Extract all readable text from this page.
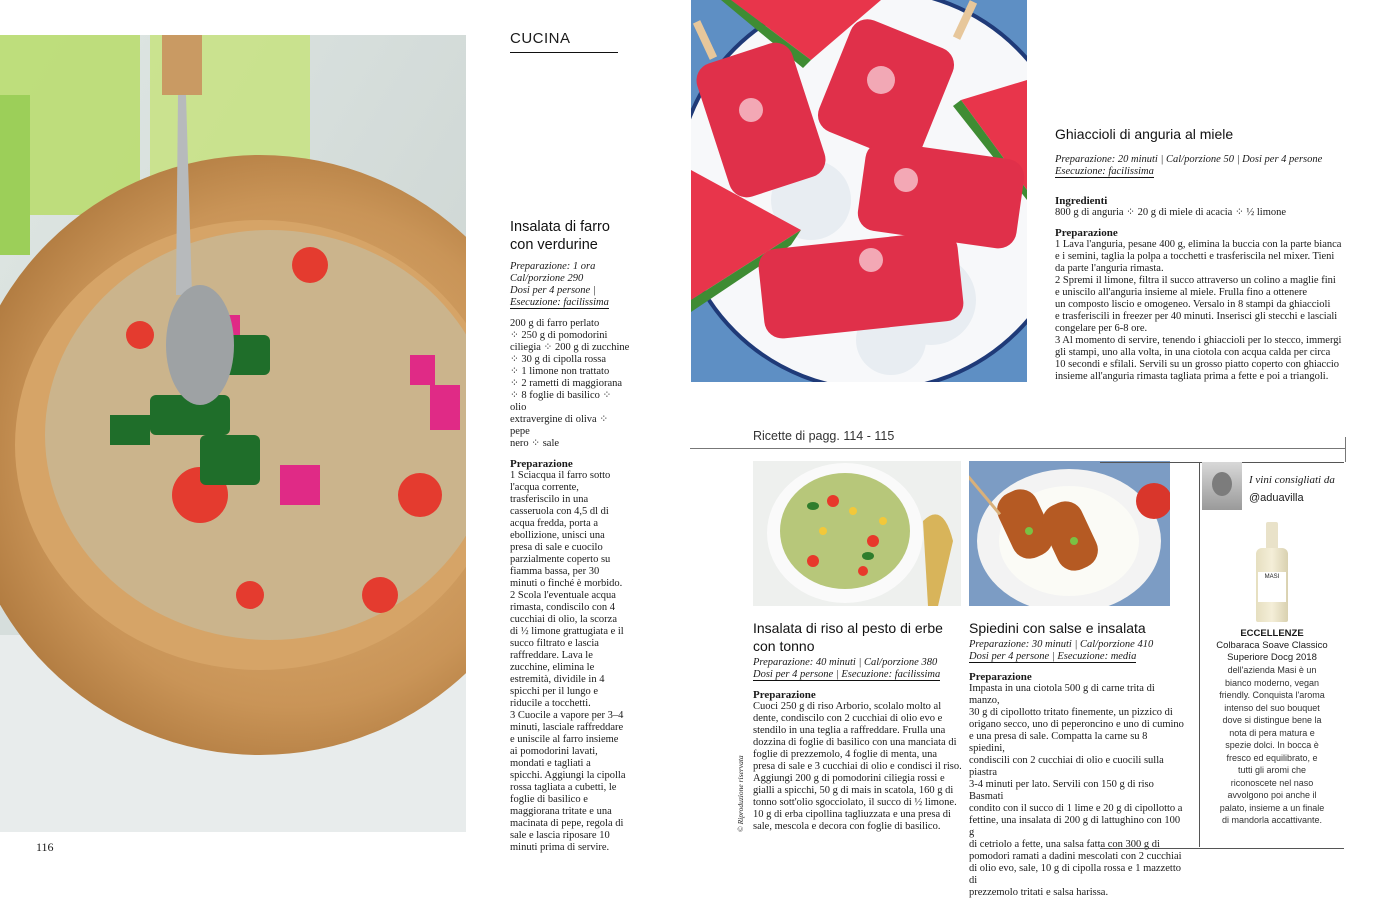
CUCINA
Insalata di farro
con verdurine
Preparazione: 1 ora
Cal/porzione 290
Dosi per 4 persone |
Esecuzione: facilissima
200 g di farro perlato
⁘ 250 g di pomodorini
ciliegia ⁘ 200 g di zucchine
⁘ 30 g di cipolla rossa
⁘ 1 limone non trattato
⁘ 2 rametti di maggiorana
⁘ 8 foglie di basilico ⁘ olio
extravergine di oliva ⁘ pepe
nero ⁘ sale
Preparazione
1 Sciacqua il farro sotto
l'acqua corrente,
trasferiscilo in una
casseruola con 4,5 dl di
acqua fredda, porta a
ebollizione, unisci una
presa di sale e cuocilo
parzialmente coperto su
fiamma bassa, per 30
minuti o finché è morbido.
2 Scola l'eventuale acqua
rimasta, condiscilo con 4
cucchiai di olio, la scorza
di ½ limone grattugiata e il
succo filtrato e lascia
raffreddare. Lava le
zucchine, elimina le
estremità, dividile in 4
spicchi per il lungo e
riducile a tocchetti.
3 Cuocile a vapore per 3–4
minuti, lasciale raffreddare
e uniscile al farro insieme
ai pomodorini lavati,
mondati e tagliati a
spicchi. Aggiungi la cipolla
rossa tagliata a cubetti, le
foglie di basilico e
maggiorana tritate e una
macinata di pepe, regola di
sale e lascia riposare 10
minuti prima di servire.
116
Ghiaccioli di anguria al miele
Preparazione: 20 minuti | Cal/porzione 50 | Dosi per 4 persone
Esecuzione: facilissima
Ingredienti
800 g di anguria ⁘ 20 g di miele di acacia ⁘ ½ limone
Preparazione
1 Lava l'anguria, pesane 400 g, elimina la buccia con la parte bianca
e i semini, taglia la polpa a tocchetti e trasferiscila nel mixer. Tieni
da parte l'anguria rimasta.
2 Spremi il limone, filtra il succo attraverso un colino a maglie fini
e uniscilo all'anguria insieme al miele. Frulla fino a ottenere
un composto liscio e omogeneo. Versalo in 8 stampi da ghiaccioli
e trasferiscili in freezer per 40 minuti. Inserisci gli stecchi e lasciali
congelare per 6-8 ore.
3 Al momento di servire, tenendo i ghiaccioli per lo stecco, immergi
gli stampi, uno alla volta, in una ciotola con acqua calda per circa
10 secondi e sfilali. Servili su un grosso piatto coperto con ghiaccio
insieme all'anguria rimasta tagliata prima a fette e poi a triangoli.
Ricette di pagg. 114 - 115
© Riproduzione riservata
Insalata di riso al pesto di erbe
con tonno
Preparazione: 40 minuti | Cal/porzione 380
Dosi per 4 persone | Esecuzione: facilissima
Preparazione
Cuoci 250 g di riso Arborio, scolalo molto al
dente, condiscilo con 2 cucchiai di olio evo e
stendilo in una teglia a raffreddare. Frulla una
dozzina di foglie di basilico con una manciata di
foglie di prezzemolo, 4 foglie di menta, una
presa di sale e 3 cucchiai di olio e condisci il riso.
Aggiungi 200 g di pomodorini ciliegia rossi e
gialli a spicchi, 50 g di mais in scatola, 160 g di
tonno sott'olio sgocciolato, il succo di ½ limone.
10 g di erba cipollina tagliuzzata e una presa di
sale, mescola e decora con foglie di basilico.
Spiedini con salse e insalata
Preparazione: 30 minuti | Cal/porzione 410
Dosi per 4 persone | Esecuzione: media
Preparazione
Impasta in una ciotola 500 g di carne trita di manzo,
30 g di cipollotto tritato finemente, un pizzico di
origano secco, uno di peperoncino e uno di cumino
e una presa di sale. Compatta la carne su 8 spiedini,
condiscili con 2 cucchiai di olio e cuocili sulla piastra
3-4 minuti per lato. Servili con 150 g di riso Basmati
condito con il succo di 1 lime e 20 g di cipollotto a
fettine, una insalata di 200 g di lattughino con 100 g
di cetriolo a fette, una salsa fatta con 300 g di
pomodori ramati a dadini mescolati con 2 cucchiai
di olio evo, sale, 10 g di cipolla rossa e 1 mazzetto di
prezzemolo tritati e salsa harissa.
I vini consigliati da
@aduavilla
MASI
ECCELLENZE
Colbaraca Soave Classico
Superiore Docg 2018
dell'azienda Masi è un
bianco moderno, vegan
friendly. Conquista l'aroma
intenso del suo bouquet
dove si distingue bene la
nota di pera matura e
spezie dolci. In bocca è
fresco ed equilibrato, e
tutti gli aromi che
riconoscete nel naso
avvolgono poi anche il
palato, insieme a un finale
di mandorla accattivante.
